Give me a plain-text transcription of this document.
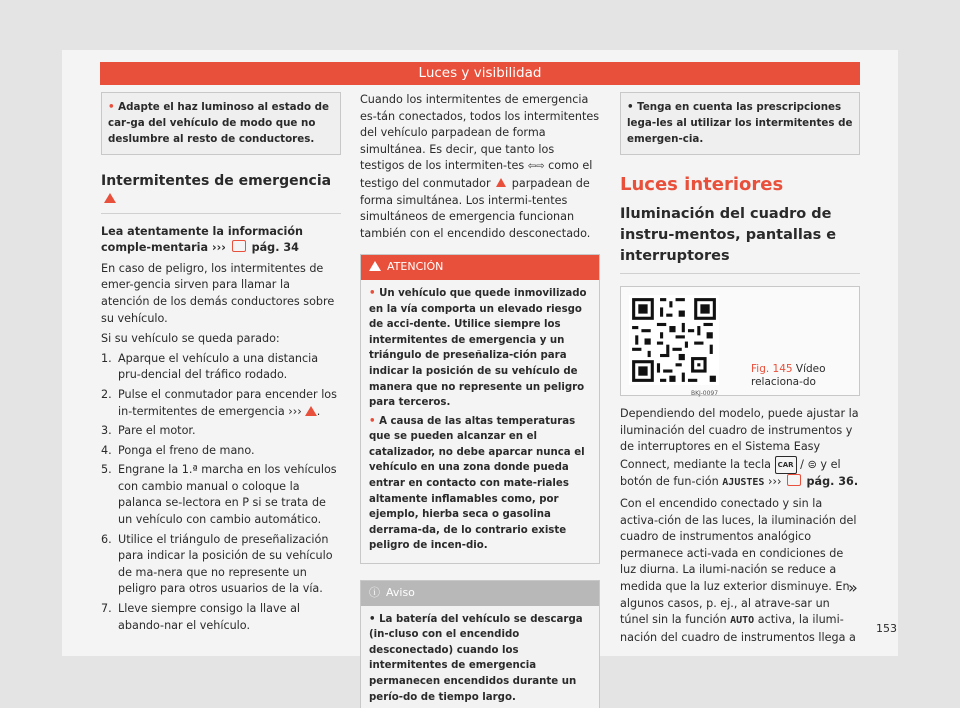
Luces y visibilidad
• Adapte el haz luminoso al estado de car-ga del vehículo de modo que no deslumbre al resto de conductores.
Intermitentes de emergencia
Lea atentamente la información comple-mentaria ››› pág. 34

En caso de peligro, los intermitentes de emer-gencia sirven para llamar la atención de los demás conductores sobre su vehículo.

Si su vehículo se queda parado:

1. Aparque el vehículo a una distancia pru-dencial del tráfico rodado.
2. Pulse el conmutador para encender los in-termitentes de emergencia ››› .
3. Pare el motor.
4. Ponga el freno de mano.
5. Engrane la 1.ª marcha en los vehículos con cambio manual o coloque la palanca se-lectora en P si se trata de un vehículo con cambio automático.
6. Utilice el triángulo de preseñalización para indicar la posición de su vehículo de ma-nera que no represente un peligro para otros usuarios de la vía.
7. Lleve siempre consigo la llave al abando-nar el vehículo.

Cuando los intermitentes de emergencia es-tán conectados, todos los intermitentes del vehículo parpadean de forma simultánea. Es decir, que tanto los testigos de los intermiten-tes ⇦⇨ como el testigo del conmutador parpadean de forma simultánea. Los intermi-tentes simultáneos de emergencia funcionan también con el encendido desconectado.

ATENCIÓN
• Un vehículo que quede inmovilizado en la vía comporta un elevado riesgo de acci-dente. Utilice siempre los intermitentes de emergencia y un triángulo de preseñaliza-ción para indicar la posición de su vehículo de manera que no represente un peligro para terceros.
• A causa de las altas temperaturas que se pueden alcanzar en el catalizador, no debe aparcar nunca el vehículo en una zona donde pueda entrar en contacto con mate-riales altamente inflamables como, por ejemplo, hierba seca o gasolina derrama-da, de lo contrario existe peligro de incen-dio.
ⓘ Aviso
• La batería del vehículo se descarga (in-cluso con el encendido desconectado) cuando los intermitentes de emergencia permanecen encendidos durante un perío-do de tiempo largo.
• Tenga en cuenta las prescripciones lega-les al utilizar los intermitentes de emergen-cia.
Luces interiores
Iluminación del cuadro de instru-mentos, pantallas e interruptores
BKJ-0097
Fig. 145 Vídeo relaciona-do

Dependiendo del modelo, puede ajustar la iluminación del cuadro de instrumentos y de interruptores en el Sistema Easy Connect, mediante la tecla CAR / ⊜ y el botón de fun-ción AJUSTES ››› pág. 36.

Con el encendido conectado y sin la activa-ción de las luces, la iluminación del cuadro de instrumentos analógico permanece acti-vada en condiciones de luz diurna. La ilumi-nación se reduce a medida que la luz exterior disminuye. En algunos casos, p. ej., al atrave-sar un túnel sin la función AUTO activa, la ilumi-nación del cuadro de instrumentos llega a

»
153
